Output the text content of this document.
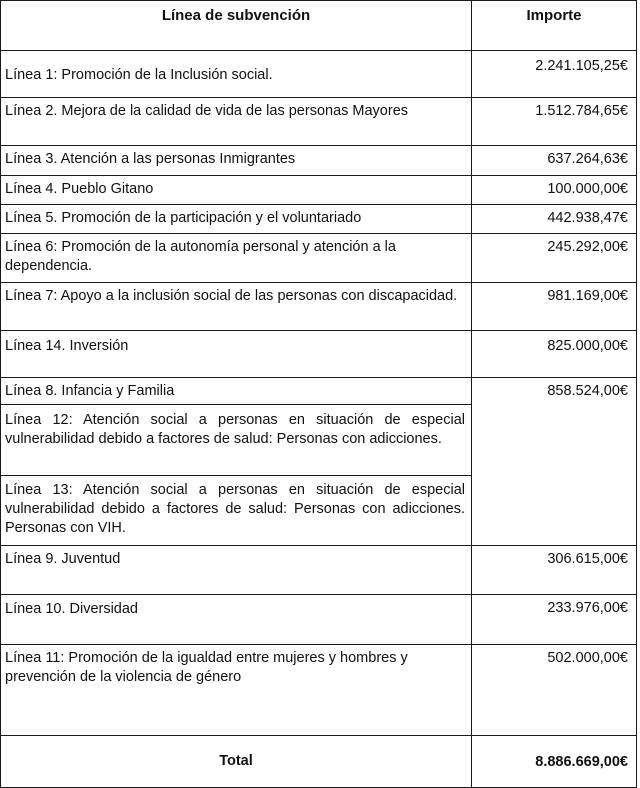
Línea de subvención	Importe
Línea 1: Promoción de la Inclusión social.	2.241.105,25€
Línea 2. Mejora de la calidad de vida de las personas Mayores	1.512.784,65€
Línea 3. Atención a las personas Inmigrantes	637.264,63€
Línea 4. Pueblo Gitano	100.000,00€
Línea 5. Promoción de la participación y el voluntariado	442.938,47€
Línea 6: Promoción de la autonomía personal y atención a la dependencia.	245.292,00€
Línea 7: Apoyo a la inclusión social de las personas con discapacidad.	981.169,00€
Línea 14. Inversión	825.000,00€
Línea 8. Infancia y Familia	858.524,00€
Línea 12: Atención social a personas en situación de especial vulnerabilidad debido a factores de salud: Personas con adicciones.	
Línea 13: Atención social a personas en situación de especial vulnerabilidad debido a factores de salud: Personas con adicciones. Personas con VIH.	
Línea 9. Juventud	306.615,00€
Línea 10. Diversidad	233.976,00€
Línea 11: Promoción de la igualdad entre mujeres y hombres y prevención de la violencia de género	502.000,00€
Total	8.886.669,00€
